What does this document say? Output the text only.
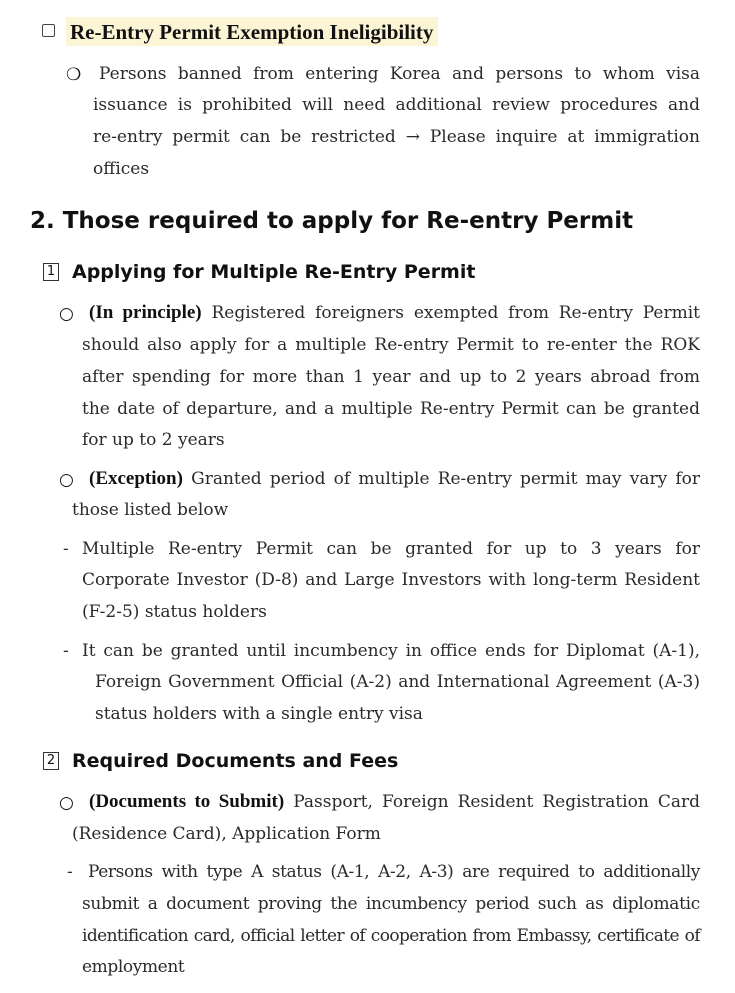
Re-Entry Permit Exemption Ineligibility
❍ Persons banned from entering Korea and persons to whom visa
issuance is prohibited will need additional review procedures and
re-entry permit can be restricted → Please inquire at immigration
offices
2. Those required to apply for Re-entry Permit
1 Applying for Multiple Re-Entry Permit
○ (In principle) Registered foreigners exempted from Re-entry Permit
should also apply for a multiple Re-entry Permit to re-enter the ROK
after spending for more than 1 year and up to 2 years abroad from
the date of departure, and a multiple Re-entry Permit can be granted
for up to 2 years
○ (Exception) Granted period of multiple Re-entry permit may vary for
those listed below
- Multiple Re-entry Permit can be granted for up to 3 years for
Corporate Investor (D-8) and Large Investors with long-term Resident
(F-2-5) status holders
- It can be granted until incumbency in office ends for Diplomat (A-1),
Foreign Government Official (A-2) and International Agreement (A-3)
status holders with a single entry visa
2 Required Documents and Fees
○ (Documents to Submit) Passport, Foreign Resident Registration Card
(Residence Card), Application Form
- Persons with type A status (A-1, A-2, A-3) are required to additionally
submit a document proving the incumbency period such as diplomatic
identification card, official letter of cooperation from Embassy, certificate of
employment
